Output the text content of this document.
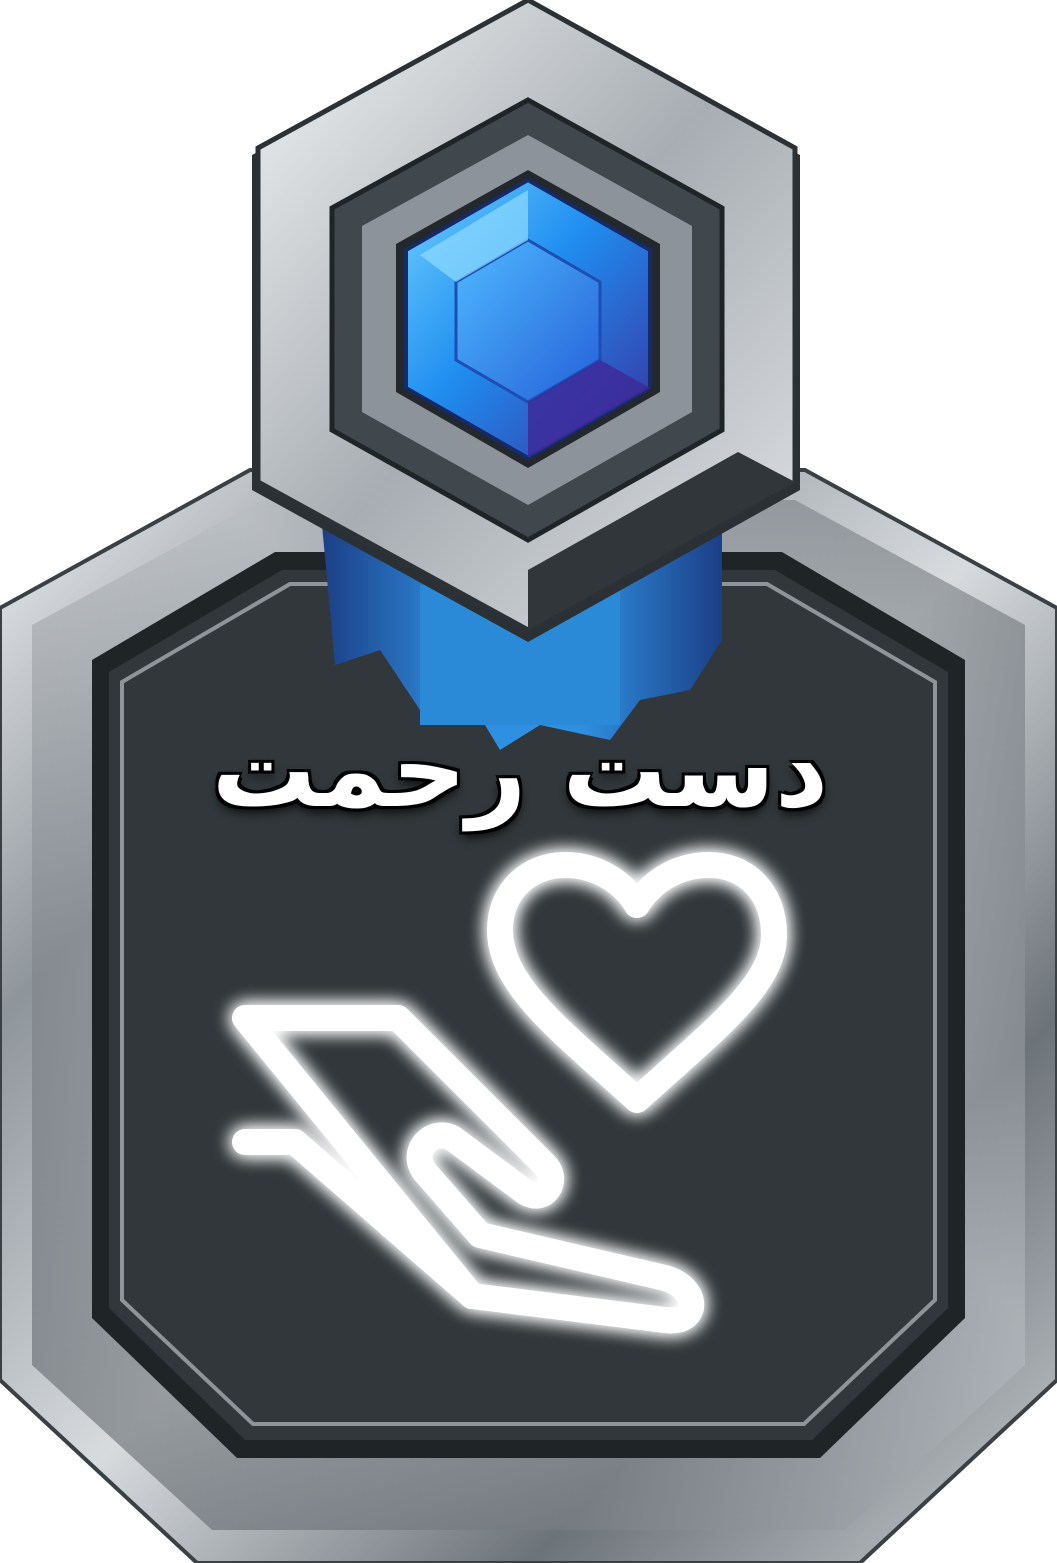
دست رحمت
